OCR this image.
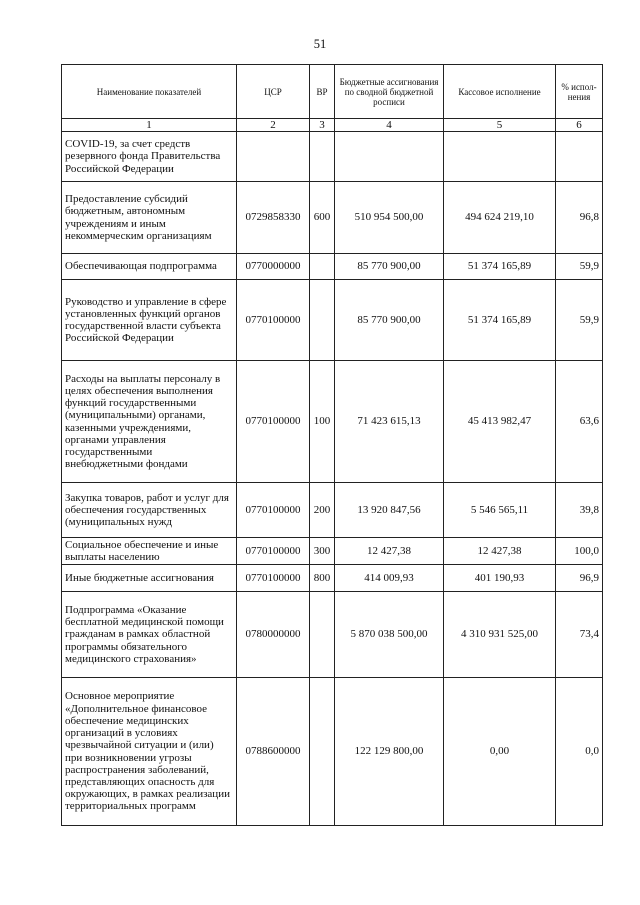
51
Наименование показателей	ЦСР	ВР	Бюджетные ассигнования по сводной бюджетной росписи	Кассовое исполнение	% испол- нения
1	2	3	4	5	6
COVID-19, за счет средств резервного фонда Правительства Российской Федерации					
Предоставление субсидий бюджетным, автономным учреждениям и иным некоммерческим организациям	0729858330	600	510 954 500,00	494 624 219,10	96,8
Обеспечивающая подпрограмма	0770000000		85 770 900,00	51 374 165,89	59,9
Руководство и управление в сфере установленных функций органов государственной власти субъекта Российской Федерации	0770100000		85 770 900,00	51 374 165,89	59,9
Расходы на выплаты персоналу в целях обеспечения выполнения функций государственными (муниципальными) органами, казенными учреждениями, органами управления государственными внебюджетными фондами	0770100000	100	71 423 615,13	45 413 982,47	63,6
Закупка товаров, работ и услуг для обеспечения государственных (муниципальных нужд	0770100000	200	13 920 847,56	5 546 565,11	39,8
Социальное обеспечение и иные выплаты населению	0770100000	300	12 427,38	12 427,38	100,0
Иные бюджетные ассигнования	0770100000	800	414 009,93	401 190,93	96,9
Подпрограмма «Оказание бесплатной медицинской помощи гражданам в рамках областной программы обязательного медицинского страхования»	0780000000		5 870 038 500,00	4 310 931 525,00	73,4
Основное мероприятие «Дополнительное финансовое обеспечение медицинских организаций в условиях чрезвычайной ситуации и (или) при возникновении угрозы распространения заболеваний, представляющих опасность для окружающих, в рамках реализации территориальных программ	0788600000		122 129 800,00	0,00	0,0
